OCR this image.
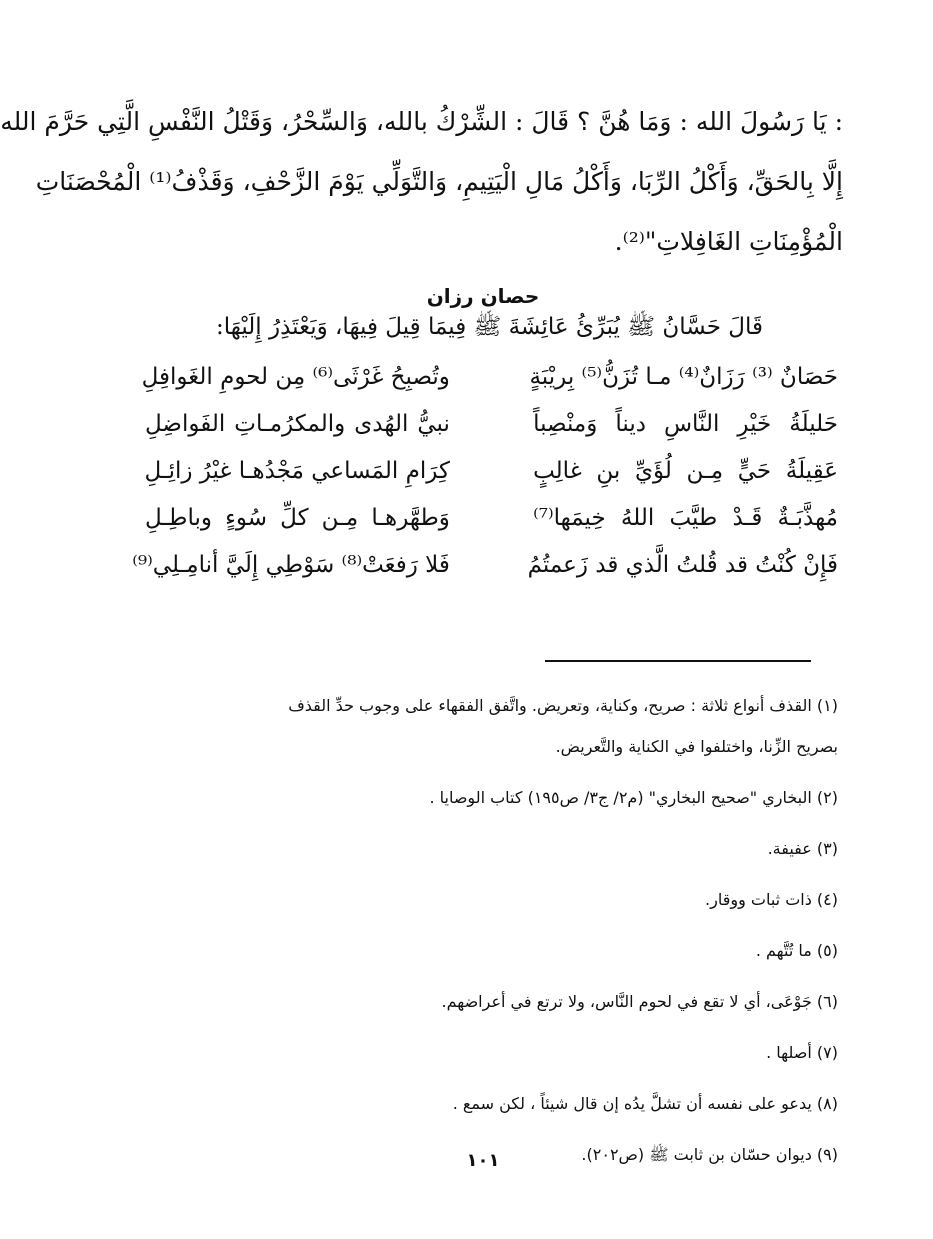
: يَا رَسُولَ الله : وَمَا هُنَّ ؟ قَالَ : الشِّرْكُ بالله، وَالسِّحْرُ، وَقَتْلُ النَّفْسِ الَّتِي حَرَّمَ الله
إِلَّا بِالحَقِّ، وَأَكْلُ الرِّبَا، وَأَكْلُ مَالِ الْيَتِيمِ، وَالتَّوَلِّي يَوْمَ الزَّحْفِ، وَقَذْفُ⁽¹⁾ الْمُحْصَنَاتِ
الْمُؤْمِنَاتِ الغَافِلاتِ"⁽²⁾.
حصان رزان
قَالَ حَسَّانُ ﷺ يُبَرِّئُ عَائِشَةَ ﷺ فِيمَا قِيلَ فِيهَا، وَيَعْتَذِرُ إِلَيْهَا:
حَصَانٌ ⁽³⁾ رَزَانٌ⁽⁴⁾ مـا تُزَنُّ⁽⁵⁾ بِريْبَةٍ
وتُصبِحُ غَرْثَى⁽⁶⁾ مِن لحومِ الغَوافِلِ
حَليلَةُ خَيْرِ النَّاسِ ديناً وَمنْصِباً
نبيُّ الهُدى والمكرُمـاتِ الفَواضِلِ
عَقِيلَةُ حَيٍّ مِـن لُؤَيِّ بنِ غالِبٍ
كِرَامِ المَساعي مَجْدُهـا غيْرُ زائِـلِ
مُهذَّبَـةٌ قَـدْ طيَّبَ اللهُ خِيمَها⁽⁷⁾
وَطهَّرهـا مِـن كلِّ سُوءٍ وباطِـلِ
فَإِنْ كُنْتُ قد قُلتُ الَّذي قد زَعمتُمُ
فَلا رَفعَتْ⁽⁸⁾ سَوْطِي إِلَيَّ أنامِـلِي⁽⁹⁾
(١) القذف أنواع ثلاثة : صريح، وكناية، وتعريض. واتَّفق الفقهاء على وجوب حدِّ القذف
بصريح الزِّنا، واختلفوا في الكناية والتَّعريض.
(٢) البخاري "صحيح البخاري" (م٢/ ج٣/ ص١٩٥) كتاب الوصايا .
(٣) عفيفة.
(٤) ذات ثبات ووقار.
(٥) ما تُتَّهم .
(٦) جَوْعَى، أي لا تقع في لحوم النَّاس، ولا ترتع في أعراضهم.
(٧) أصلها .
(٨) يدعو على نفسه أن تشلَّ يدُه إن قال شيئاً ، لكن سمع .
(٩) ديوان حسّان بن ثابت ﷺ (ص٢٠٢).
١٠١
